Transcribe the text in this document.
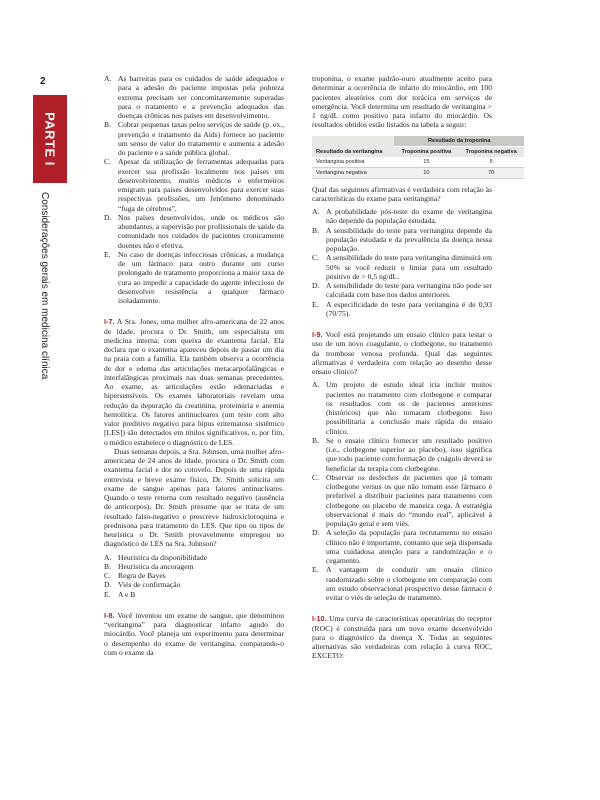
2
PARTE I
Considerações gerais em medicina clínica
A. As barreiras para os cuidados de saúde adequados e para a adesão do paciente impostas pela pobreza extrema precisam ser concomitantemente superadas para o tratamento e a prevenção adequados das doenças crônicas nos países em desenvolvimento.
B. Cobrar pequenas taxas pelos serviços de saúde (p. ex., prevenção e tratamento da Aids) fornece ao paciente um senso de valor do tratamento e aumenta a adesão do paciente e a saúde pública global.
C. Apesar da utilização de ferramentas adequadas para exercer sua profissão localmente nos países em desenvolvimento, muitos médicos e enfermeiros emigram para países desenvolvidos para exercer suas respectivas profissões, um fenômeno denominado “fuga de cérebros”.
D. Nos países desenvolvidos, onde os médicos são abundantes, a supervisão por profissionais de saúde da comunidade nos cuidados de pacientes cronicamente doentes não é efetiva.
E. No caso de doenças infecciosas crônicas, a mudança de um fármaco para outro durante um curso prolongado de tratamento proporciona a maior taxa de cura ao impedir a capacidade do agente infeccioso de desenvolver resistência a qualquer fármaco isoladamente.

I-7. A Sra. Jones, uma mulher afro-americana de 22 anos de idade, procura o Dr. Smith, um especialista em medicina interna, com queixa de exantema facial. Ela declara que o exantema apareceu depois de passar um dia na praia com a família. Ela também observa a ocorrência de dor e edema das articulações metacarpofalângicas e interfalângicas proximais nas duas semanas precedentes. Ao exame, as articulações estão edemaciadas e hipersensíveis. Os exames laboratoriais revelam uma redução da depuração da creatinina, proteinúria e anemia hemolítica. Os fatores antinucleares (um teste com alto valor preditivo negativo para lúpus eritematoso sistêmico [LES]) são detectados em títulos significativos, e, por fim, o médico estabelece o diagnóstico de LES.

Duas semanas depois, a Sra. Johnson, uma mulher afro-americana de 24 anos de idade, procura o Dr. Smith com exantema facial e dor no cotovelo. Depois de uma rápida entrevista e breve exame físico, Dr. Smith solicita um exame de sangue apenas para fatores antinucleares. Quando o teste retorna com resultado negativo (ausência de anticorpos), Dr. Smith presume que se trata de um resultado falso-negativo e prescreve hidroxicloroquina e prednisona para tratamento do LES. Que tipo ou tipos de heurística o Dr. Smith provavelmente empregou no diagnóstico de LES na Sra. Johnson?

A. Heurística da disponibilidade
B. Heurística da ancoragem
C. Regra de Bayes
D. Viés de confirmação
E. A e B

I-8. Você inventou um exame de sangue, que denominou “veritangina” para diagnosticar infarto agudo do miocárdio. Você planeja um experimento para determinar o desempenho do exame de veritangina, comparando-o com o exame da

troponina, o exame padrão-ouro atualmente aceito para determinar a ocorrência de infarto do miocárdio, em 100 pacientes aleatórios com dor torácica em serviços de emergência. Você determina um resultado de veritangina > 1 ng/dL como positivo para infarto do miocárdio. Os resultados obtidos estão listados na tabela a seguir:

Resultado da veritangina	Resultado da troponina	
	Troponina positiva	Troponina negativa
Veritangina positiva	15	5
Veritangina negativa	10	70

Qual das seguintes afirmativas é verdadeira com relação às características do exame para veritangina?

A. A probabilidade pós-teste do exame de veritangina não depende da população estudada.
B. A sensibilidade do teste para veritangina depende da população estudada e da prevalência da doença nessa população.
C. A sensibilidade do teste para veritangina diminuirá em 50% se você reduzir o limiar para um resultado positivo de > 0,5 ng/dL.
D. A sensibilidade do teste para veritangina não pode ser calculada com base nos dados anteriores.
E. A especificidade do teste para veritangina é de 0,93 (70/75).

I-9. Você está projetando um ensaio clínico para testar o uso de um novo coagulante, o clotbegone, no tratamento da trombose venosa profunda. Qual das seguintes afirmativas é verdadeira com relação ao desenho desse ensaio clínico?

A. Um projeto de estudo ideal iria incluir muitos pacientes no tratamento com clotbegone e comparar os resultados com os de pacientes anteriores (históricos) que não tomaram clotbegone. Isso possibilitaria a conclusão mais rápida do ensaio clínico.
B. Se o ensaio clínico fornecer um resultado positivo (i.e., clotbegone superior ao placebo), isso significa que todo paciente com formação de coágulo deverá se beneficiar da terapia com clotbegone.
C. Observar os desfechos de pacientes que já tomam clotbegone versus os que não tomam esse fármaco é preferível a distribuir pacientes para tratamento com clotbegone ou placebo de maneira cega. A estratégia observacional é mais do “mundo real”, aplicável à população geral e sem viés.
D. A seleção da população para recrutamento no ensaio clínico não é importante, contanto que seja dispensada uma cuidadosa atenção para a randomização e o cegamento.
E. A vantagem de conduzir um ensaio clínico randomizado sobre o clotbegone em comparação com um estudo observacional prospectivo desse fármaco é evitar o viés de seleção de tratamento.

I-10. Uma curva de características operatórias do receptor (ROC) é construída para um novo exame desenvolvido para o diagnóstico da doença X. Todas as seguintes alternativas são verdadeiras com relação à curva ROC, EXCETO:
